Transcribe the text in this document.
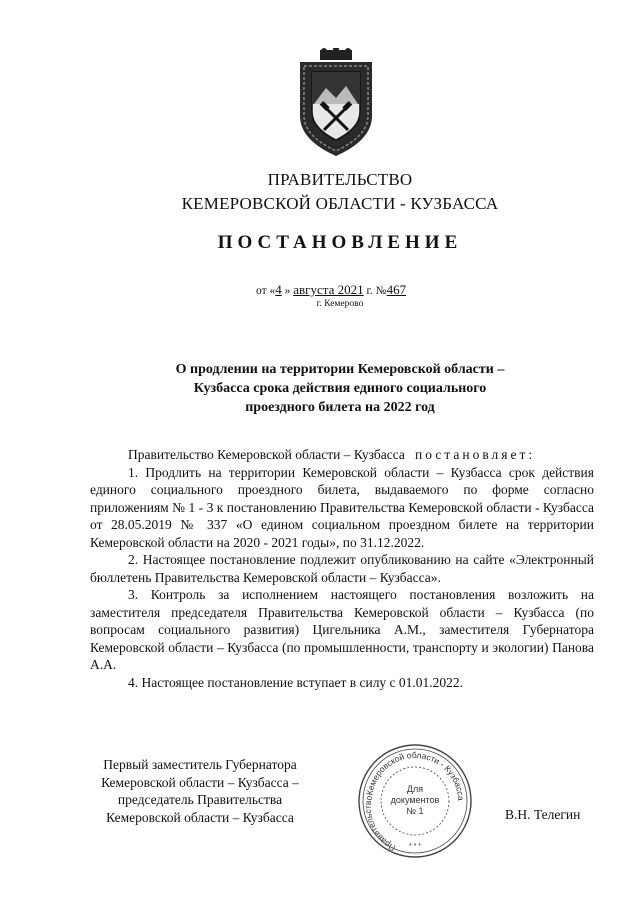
ПРАВИТЕЛЬСТВО
КЕМЕРОВСКОЙ ОБЛАСТИ - КУЗБАССА
ПОСТАНОВЛЕНИЕ
от «4 » августа 2021 г. №467
г. Кемерово
О продлении на территории Кемеровской области –
Кузбасса срока действия единого социального
проездного билета на 2022 год

Правительство Кемеровской области – Кузбасса постановляет:

1. Продлить на территории Кемеровской области – Кузбасса срок действия единого социального проездного билета, выдаваемого по форме согласно приложениям № 1 - 3 к постановлению Правительства Кемеровской области - Кузбасса от 28.05.2019 № 337 «О едином социальном проездном билете на территории Кемеровской области на 2020 - 2021 годы», по 31.12.2022.

2. Настоящее постановление подлежит опубликованию на сайте «Электронный бюллетень Правительства Кемеровской области – Кузбасса».

3. Контроль за исполнением настоящего постановления возложить на заместителя председателя Правительства Кемеровской области – Кузбасса (по вопросам социального развития) Цигельника А.М., заместителя Губернатора Кемеровской области – Кузбасса (по промышленности, транспорту и экологии) Панова А.А.

4. Настоящее постановление вступает в силу с 01.01.2022.

Первый заместитель Губернатора
Кемеровской области – Кузбасса –
председатель Правительства
Кемеровской области – Кузбасса
Кемеровской области - Кузбасса
Правительство
Для
документов
№ 1
* * *
В.Н. Телегин
